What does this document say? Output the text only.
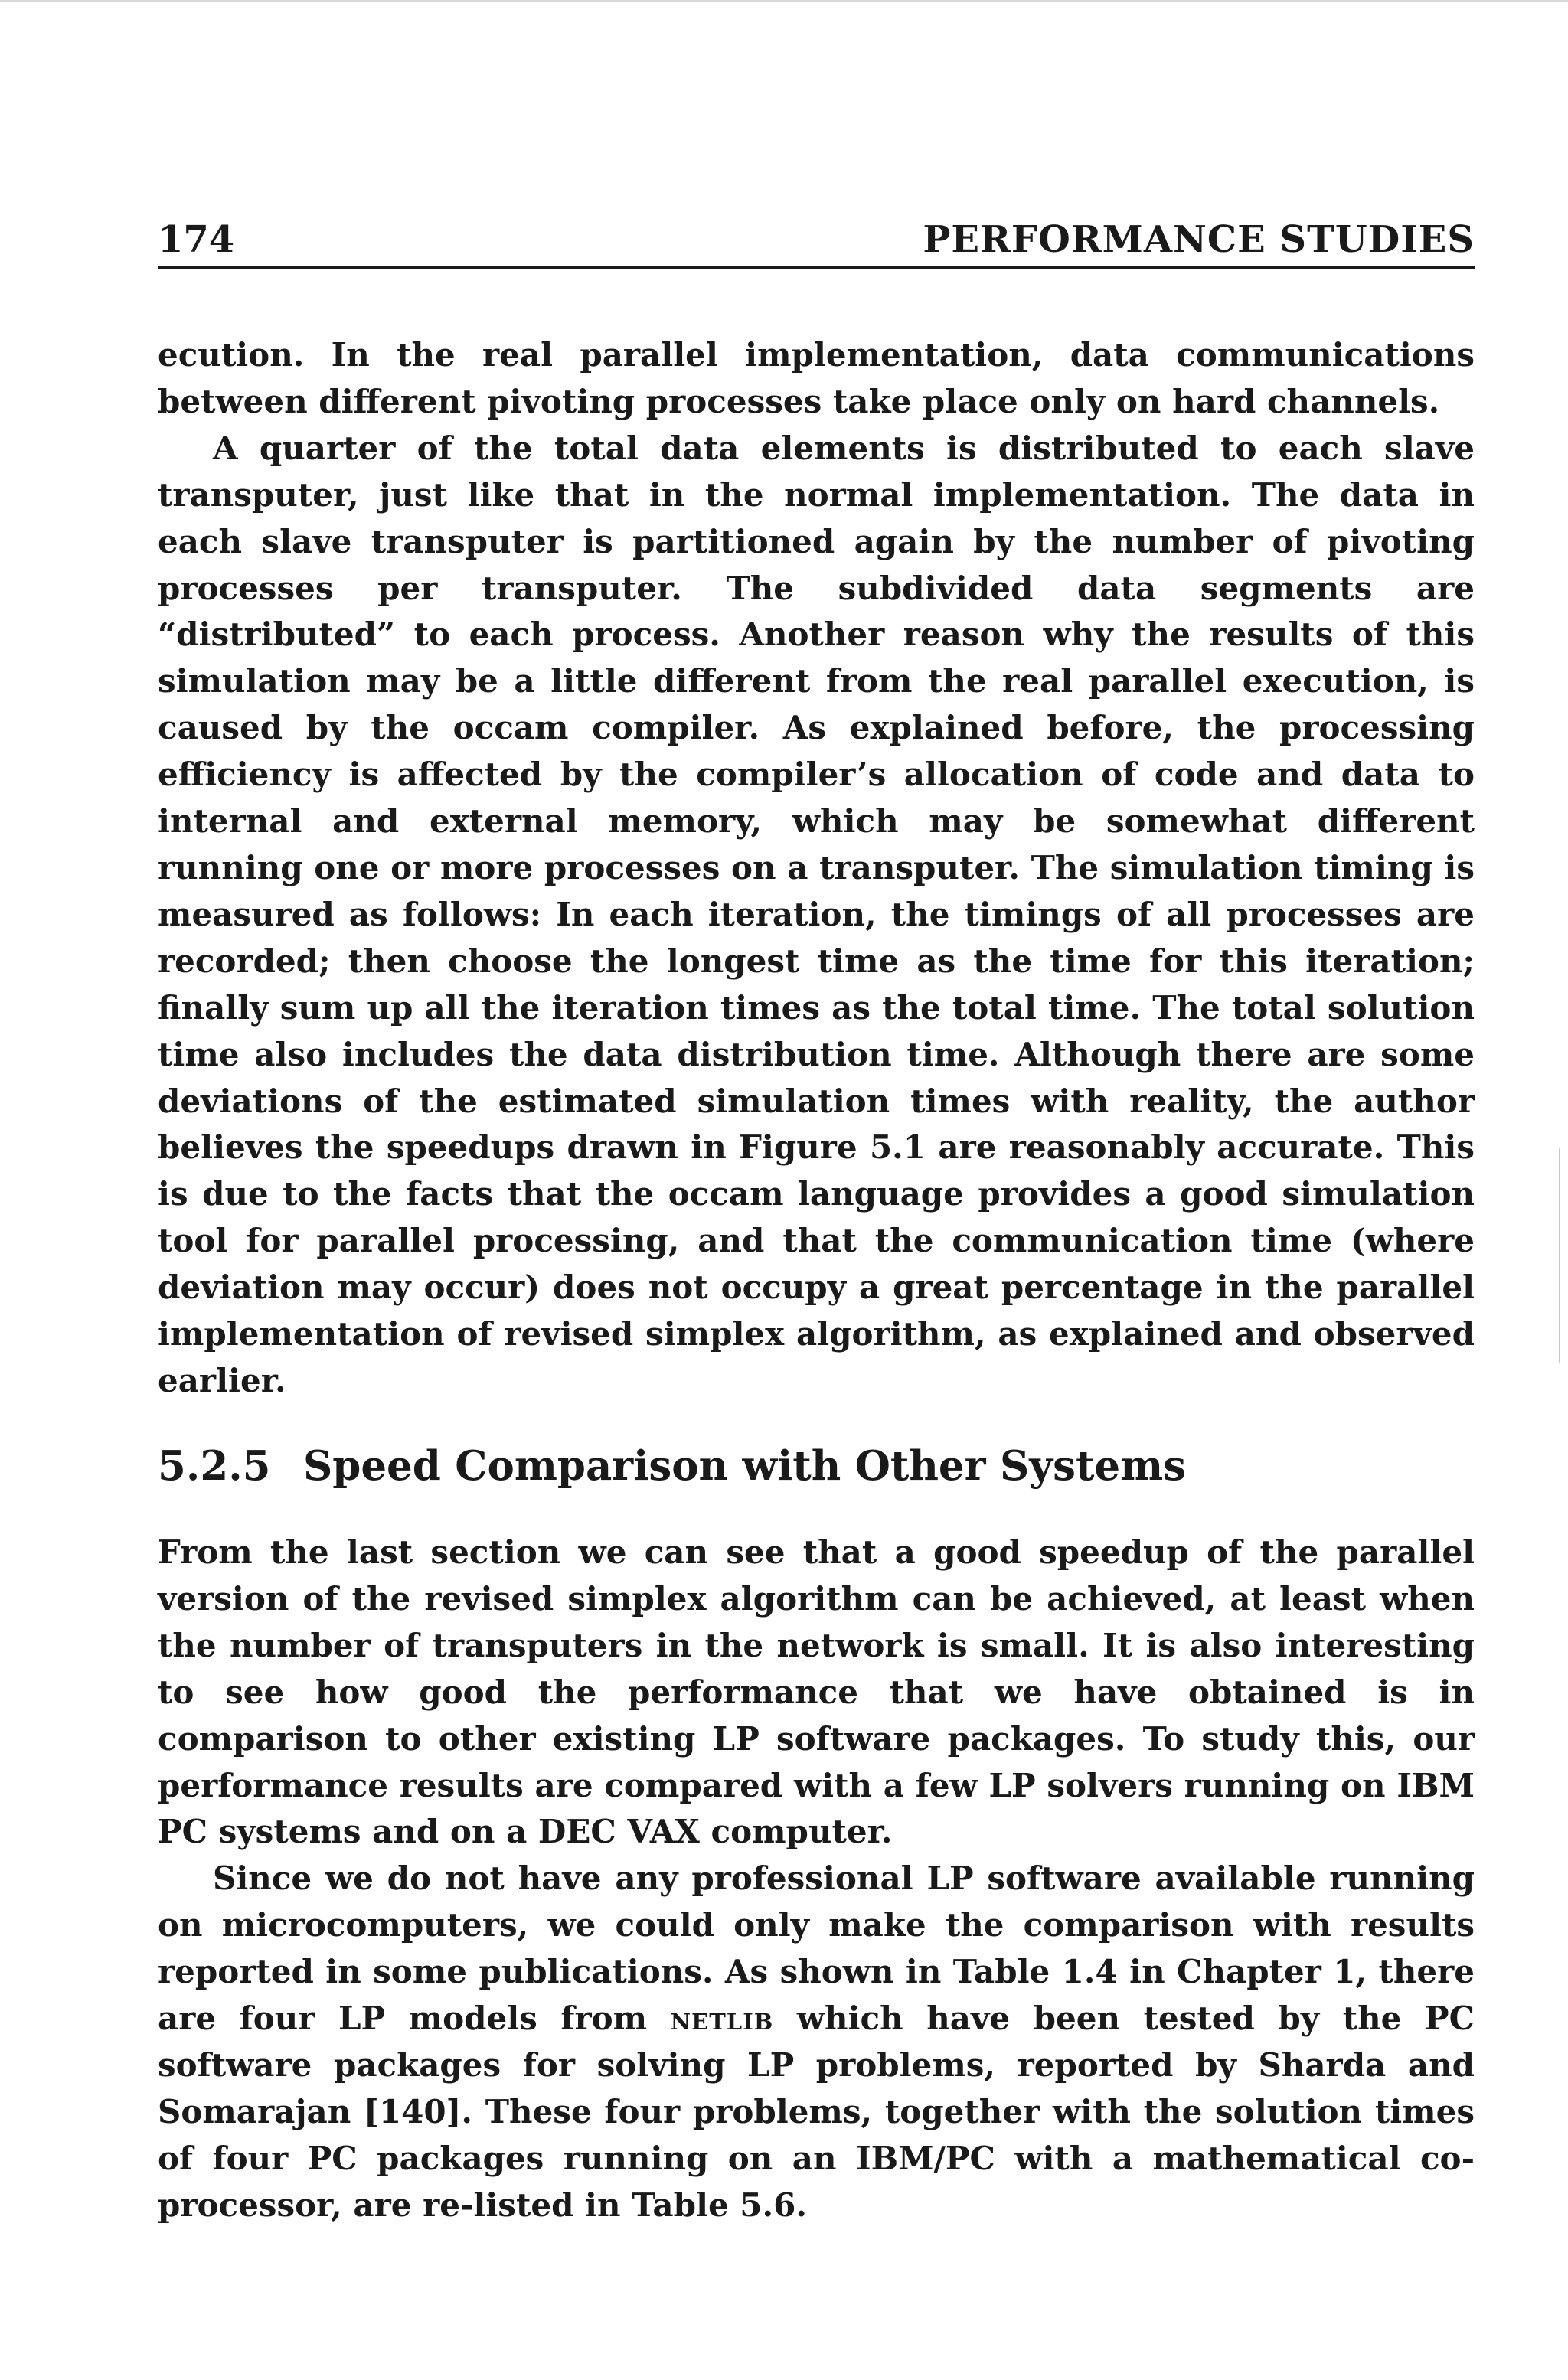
174	PERFORMANCE STUDIES

ecution. In the real parallel implementation, data communications between different pivoting processes take place only on hard channels.

A quarter of the total data elements is distributed to each slave transputer, just like that in the normal implementation. The data in each slave transputer is partitioned again by the number of pivoting processes per transputer. The subdivided data segments are “distributed” to each process. Another reason why the results of this simulation may be a little different from the real parallel execution, is caused by the occam compiler. As explained before, the processing efficiency is affected by the compiler’s allocation of code and data to internal and external memory, which may be somewhat different running one or more processes on a transputer. The simulation timing is measured as follows: In each iteration, the timings of all processes are recorded; then choose the longest time as the time for this iteration; finally sum up all the iteration times as the total time. The total solution time also includes the data distribution time. Although there are some deviations of the estimated simulation times with reality, the author believes the speedups drawn in Figure 5.1 are reasonably accurate. This is due to the facts that the occam language provides a good simulation tool for parallel processing, and that the communication time (where deviation may occur) does not occupy a great percentage in the parallel implementation of revised simplex algorithm, as explained and observed earlier.

5.2.5 Speed Comparison with Other Systems

From the last section we can see that a good speedup of the parallel version of the revised simplex algorithm can be achieved, at least when the number of transputers in the network is small. It is also interesting to see how good the performance that we have obtained is in comparison to other existing LP software packages. To study this, our performance results are compared with a few LP solvers running on IBM PC systems and on a DEC VAX computer.

Since we do not have any professional LP software available running on microcomputers, we could only make the comparison with results reported in some publications. As shown in Table 1.4 in Chapter 1, there are four LP models from netlib which have been tested by the PC software packages for solving LP problems, reported by Sharda and Somarajan [140]. These four problems, together with the solution times of four PC packages running on an IBM/PC with a mathematical co-processor, are re-listed in Table 5.6.
